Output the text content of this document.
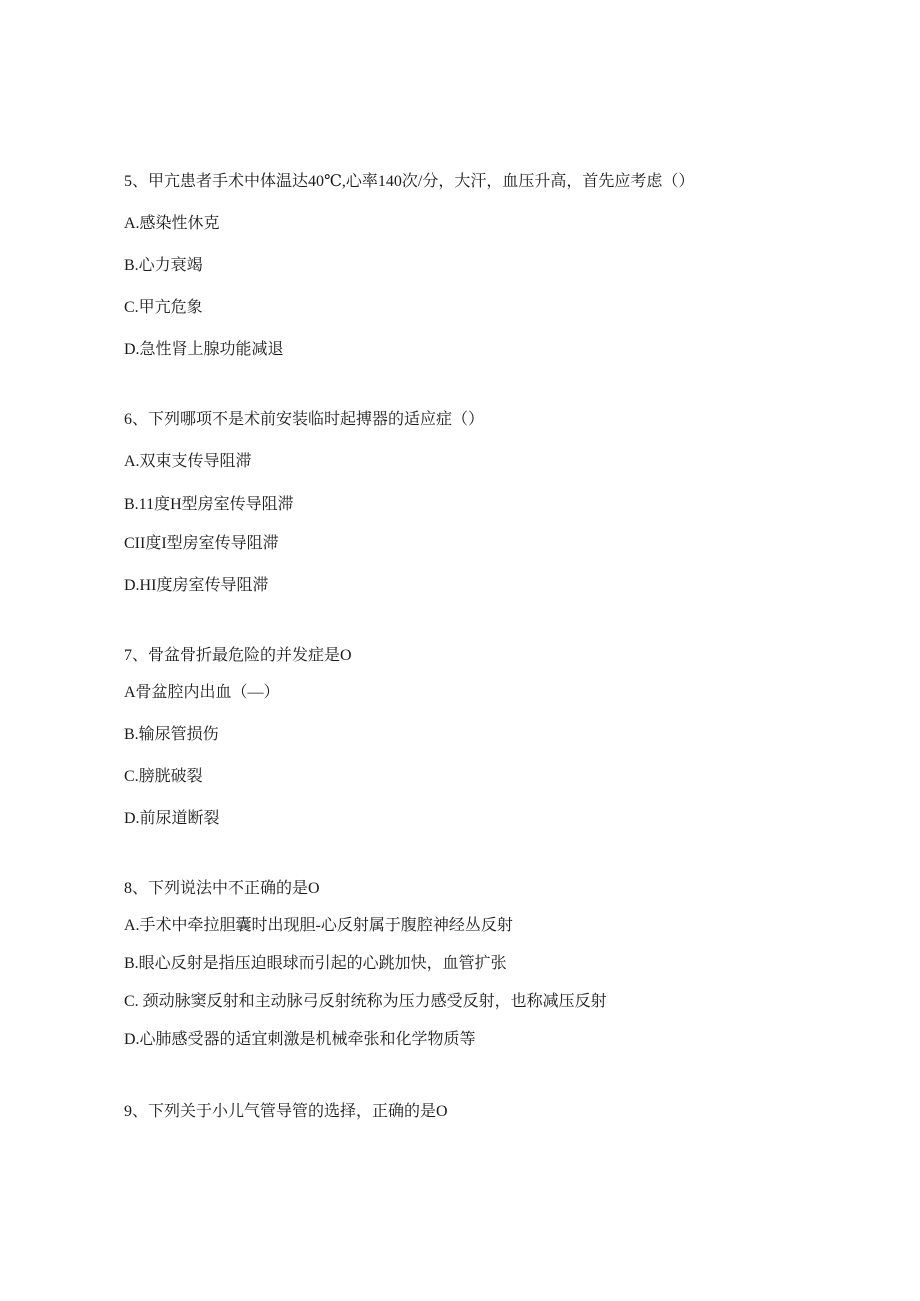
5、甲亢患者手术中体温达40℃,心率140次/分，大汗，血压升高，首先应考虑（）
A.感染性休克
B.心力衰竭
C.甲亢危象
D.急性肾上腺功能减退
6、下列哪项不是术前安装临时起搏器的适应症（）
A.双束支传导阻滞
B.11度H型房室传导阻滞
CII度I型房室传导阻滞
D.HI度房室传导阻滞
7、骨盆骨折最危险的并发症是O
A骨盆腔内出血（—）
B.输尿管损伤
C.膀胱破裂
D.前尿道断裂
8、下列说法中不正确的是O
A.手术中牵拉胆囊时出现胆-心反射属于腹腔神经丛反射
B.眼心反射是指压迫眼球而引起的心跳加快，血管扩张
C. 颈动脉窦反射和主动脉弓反射统称为压力感受反射，也称减压反射
D.心肺感受器的适宜刺激是机械牵张和化学物质等
9、下列关于小儿气管导管的选择，正确的是O
